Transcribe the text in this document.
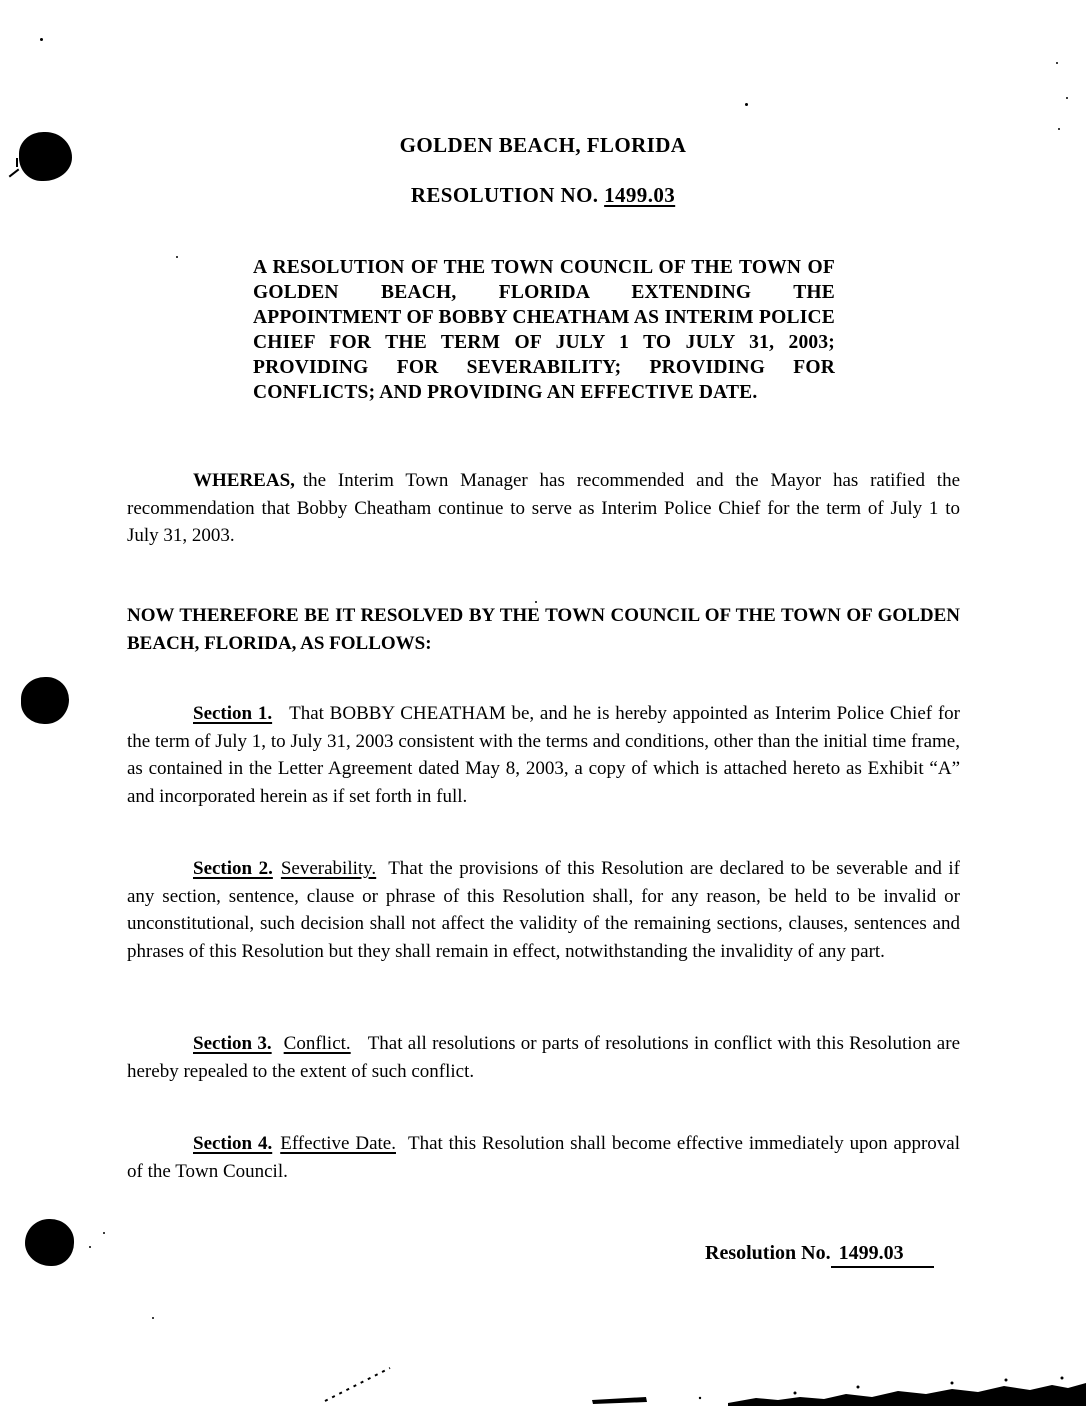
GOLDEN BEACH, FLORIDA
RESOLUTION NO. 1499.03
A RESOLUTION OF THE TOWN COUNCIL OF THE TOWN OF GOLDEN BEACH, FLORIDA EXTENDING THE APPOINTMENT OF BOBBY CHEATHAM AS INTERIM POLICE CHIEF FOR THE TERM OF JULY 1 TO JULY 31, 2003; PROVIDING FOR SEVERABILITY; PROVIDING FOR CONFLICTS; AND PROVIDING AN EFFECTIVE DATE.

WHEREAS, the Interim Town Manager has recommended and the Mayor has ratified the recommendation that Bobby Cheatham continue to serve as Interim Police Chief for the term of July 1 to July 31, 2003.

NOW THEREFORE BE IT RESOLVED BY THE TOWN COUNCIL OF THE TOWN OF GOLDEN BEACH, FLORIDA, AS FOLLOWS:

Section 1. That BOBBY CHEATHAM be, and he is hereby appointed as Interim Police Chief for the term of July 1, to July 31, 2003 consistent with the terms and conditions, other than the initial time frame, as contained in the Letter Agreement dated May 8, 2003, a copy of which is attached hereto as Exhibit “A” and incorporated herein as if set forth in full.

Section 2. Severability. That the provisions of this Resolution are declared to be severable and if any section, sentence, clause or phrase of this Resolution shall, for any reason, be held to be invalid or unconstitutional, such decision shall not affect the validity of the remaining sections, clauses, sentences and phrases of this Resolution but they shall remain in effect, notwithstanding the invalidity of any part.

Section 3. Conflict. That all resolutions or parts of resolutions in conflict with this Resolution are hereby repealed to the extent of such conflict.

Section 4. Effective Date. That this Resolution shall become effective immediately upon approval of the Town Council.

Resolution No. 1499.03
